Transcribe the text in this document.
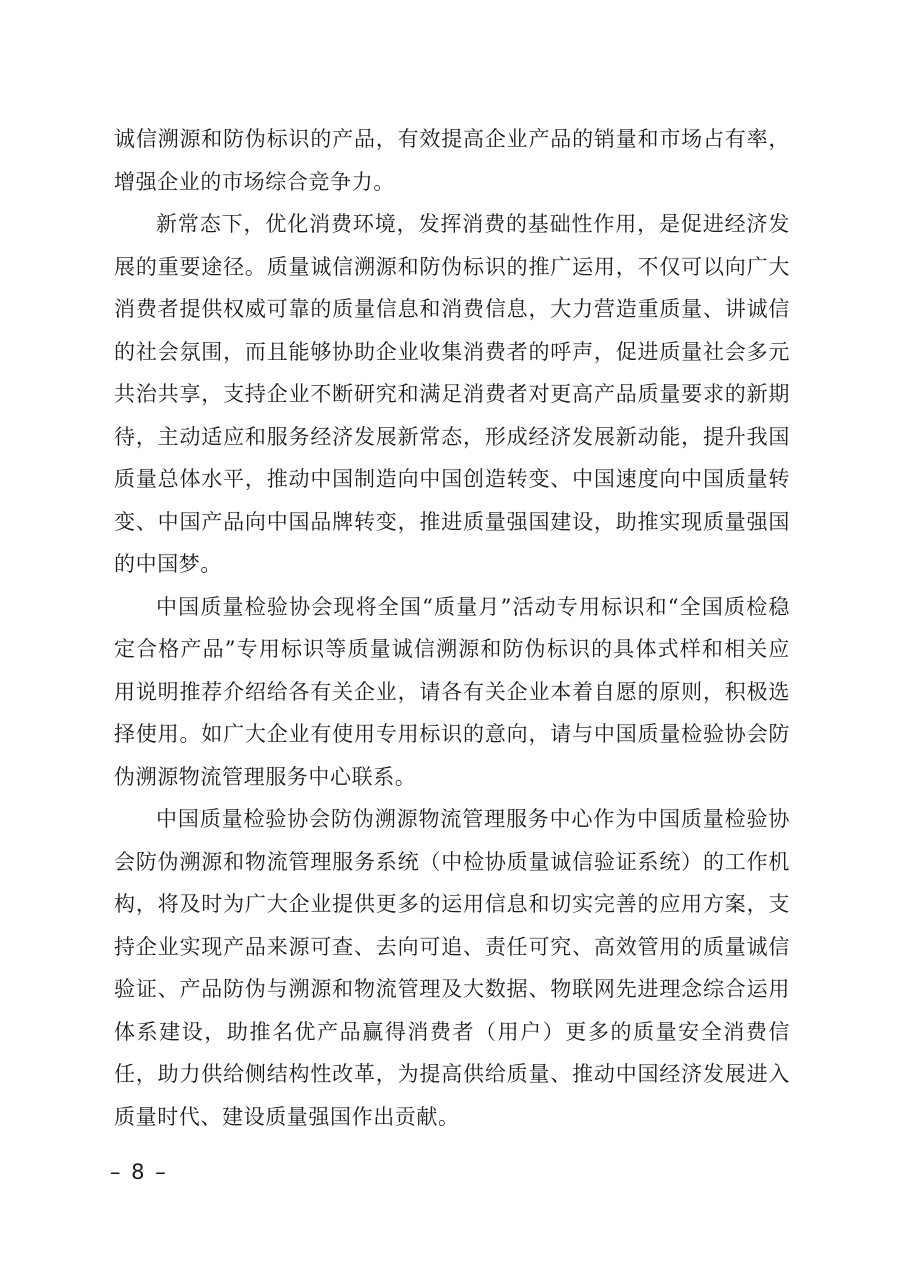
诚信溯源和防伪标识的产品，有效提高企业产品的销量和市场占有率，增强企业的市场综合竞争力。

新常态下，优化消费环境，发挥消费的基础性作用，是促进经济发展的重要途径。质量诚信溯源和防伪标识的推广运用，不仅可以向广大消费者提供权威可靠的质量信息和消费信息，大力营造重质量、讲诚信的社会氛围，而且能够协助企业收集消费者的呼声，促进质量社会多元共治共享，支持企业不断研究和满足消费者对更高产品质量要求的新期待，主动适应和服务经济发展新常态，形成经济发展新动能，提升我国质量总体水平，推动中国制造向中国创造转变、中国速度向中国质量转变、中国产品向中国品牌转变，推进质量强国建设，助推实现质量强国的中国梦。

中国质量检验协会现将全国“质量月”活动专用标识和“全国质检稳定合格产品”专用标识等质量诚信溯源和防伪标识的具体式样和相关应用说明推荐介绍给各有关企业，请各有关企业本着自愿的原则，积极选择使用。如广大企业有使用专用标识的意向，请与中国质量检验协会防伪溯源物流管理服务中心联系。

中国质量检验协会防伪溯源物流管理服务中心作为中国质量检验协会防伪溯源和物流管理服务系统（中检协质量诚信验证系统）的工作机构，将及时为广大企业提供更多的运用信息和切实完善的应用方案，支持企业实现产品来源可查、去向可追、责任可究、高效管用的质量诚信验证、产品防伪与溯源和物流管理及大数据、物联网先进理念综合运用体系建设，助推名优产品赢得消费者（用户）更多的质量安全消费信任，助力供给侧结构性改革，为提高供给质量、推动中国经济发展进入质量时代、建设质量强国作出贡献。

– 8 –
